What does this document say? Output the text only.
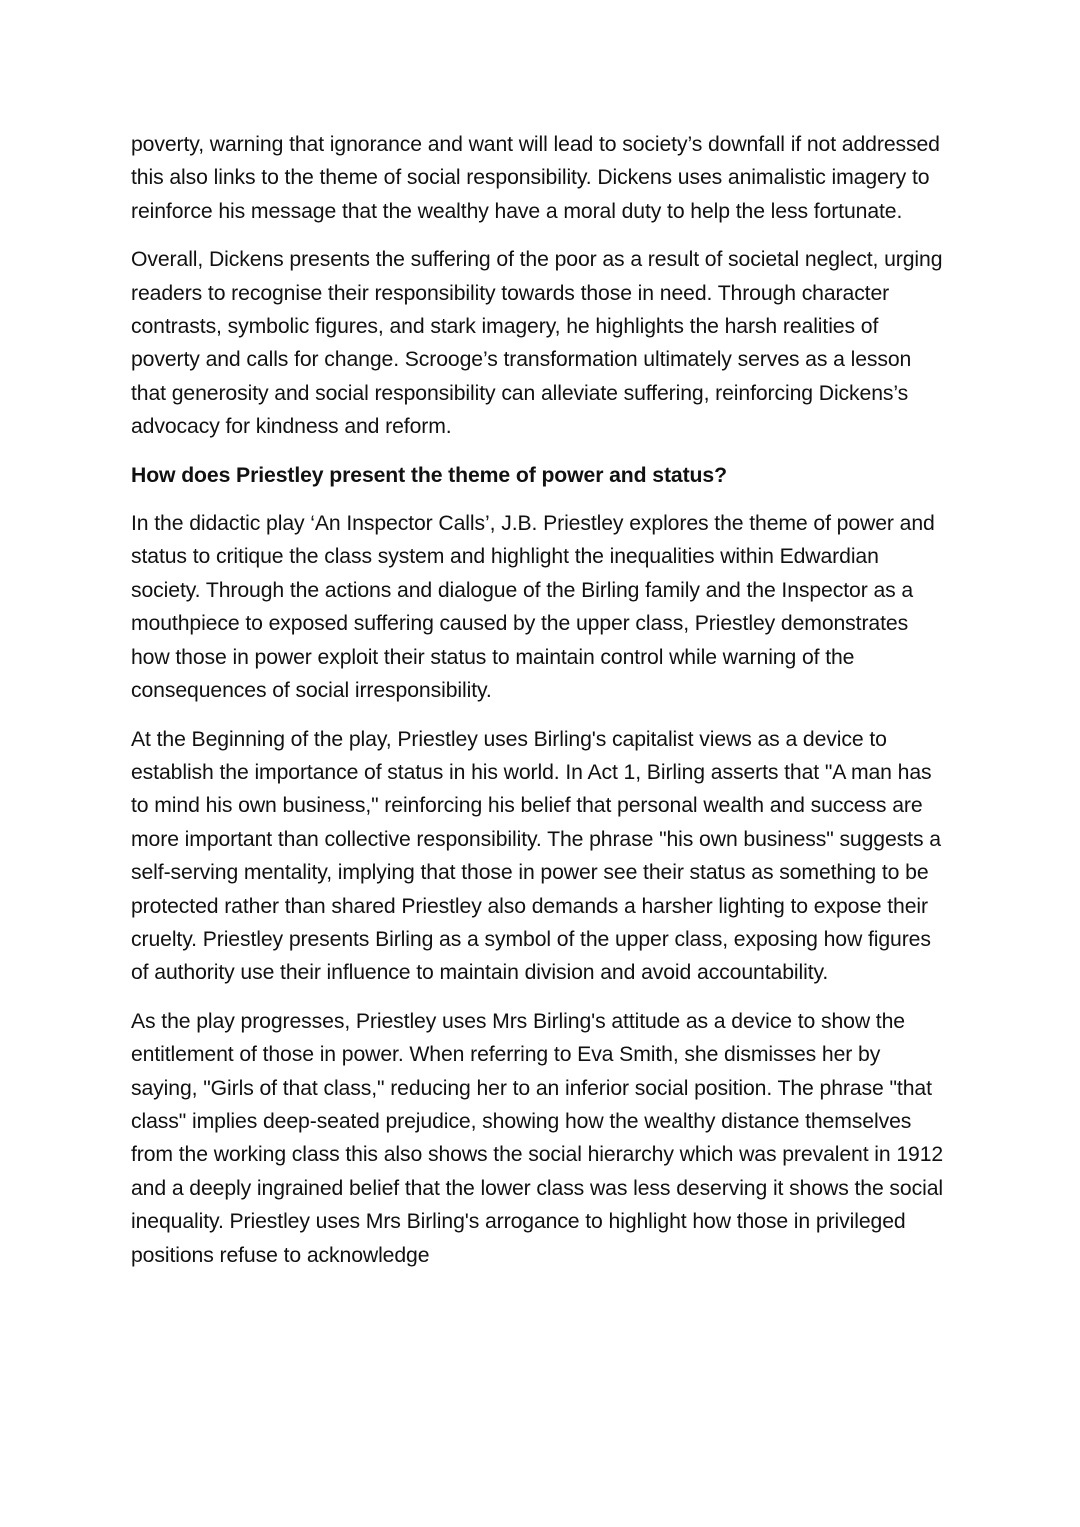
poverty, warning that ignorance and want will lead to society’s downfall if not addressed this also links to the theme of social responsibility. Dickens uses animalistic imagery to reinforce his message that the wealthy have a moral duty to help the less fortunate.

Overall, Dickens presents the suffering of the poor as a result of societal neglect, urging readers to recognise their responsibility towards those in need. Through character contrasts, symbolic figures, and stark imagery, he highlights the harsh realities of poverty and calls for change. Scrooge’s transformation ultimately serves as a lesson that generosity and social responsibility can alleviate suffering, reinforcing Dickens’s advocacy for kindness and reform.

How does Priestley present the theme of power and status?

In the didactic play ‘An Inspector Calls’, J.B. Priestley explores the theme of power and status to critique the class system and highlight the inequalities within Edwardian society. Through the actions and dialogue of the Birling family and the Inspector as a mouthpiece to exposed suffering caused by the upper class, Priestley demonstrates how those in power exploit their status to maintain control while warning of the consequences of social irresponsibility.

At the Beginning of the play, Priestley uses Birling's capitalist views as a device to establish the importance of status in his world. In Act 1, Birling asserts that "A man has to mind his own business," reinforcing his belief that personal wealth and success are more important than collective responsibility. The phrase "his own business" suggests a self-serving mentality, implying that those in power see their status as something to be protected rather than shared Priestley also demands a harsher lighting to expose their cruelty. Priestley presents Birling as a symbol of the upper class, exposing how figures of authority use their influence to maintain division and avoid accountability.

As the play progresses, Priestley uses Mrs Birling's attitude as a device to show the entitlement of those in power. When referring to Eva Smith, she dismisses her by saying, "Girls of that class," reducing her to an inferior social position. The phrase "that class" implies deep-seated prejudice, showing how the wealthy distance themselves from the working class this also shows the social hierarchy which was prevalent in 1912 and a deeply ingrained belief that the lower class was less deserving it shows the social inequality. Priestley uses Mrs Birling's arrogance to highlight how those in privileged positions refuse to acknowledge
